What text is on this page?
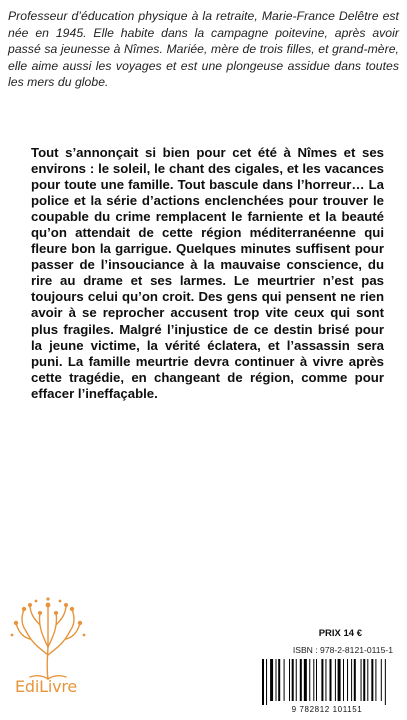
Professeur d’éducation physique à la retraite, Marie-France Delêtre est née en 1945. Elle habite dans la campagne poitevine, après avoir passé sa jeunesse à Nîmes. Mariée, mère de trois filles, et grand-mère, elle aime aussi les voyages et est une plongeuse assidue dans toutes les mers du globe.
Tout s’annonçait si bien pour cet été à Nîmes et ses environs : le soleil, le chant des cigales, et les vacances pour toute une famille. Tout bascule dans l’horreur… La police et la série d’actions enclenchées pour trouver le coupable du crime remplacent le farniente et la beauté qu’on attendait de cette région méditerranéenne qui fleure bon la garrigue. Quelques minutes suffisent pour passer de l’insouciance à la mauvaise conscience, du rire au drame et ses larmes. Le meurtrier n’est pas toujours celui qu’on croit. Des gens qui pensent ne rien avoir à se reprocher accusent trop vite ceux qui sont plus fragiles. Malgré l’injustice de ce destin brisé pour la jeune victime, la vérité éclatera, et l’assassin sera puni. La famille meurtrie devra continuer à vivre après cette tragédie, en changeant de région, comme pour effacer l’ineffaçable.
EdiLivre
PRIX 14 €
ISBN : 978-2-8121-0115-1
9 782812 101151
